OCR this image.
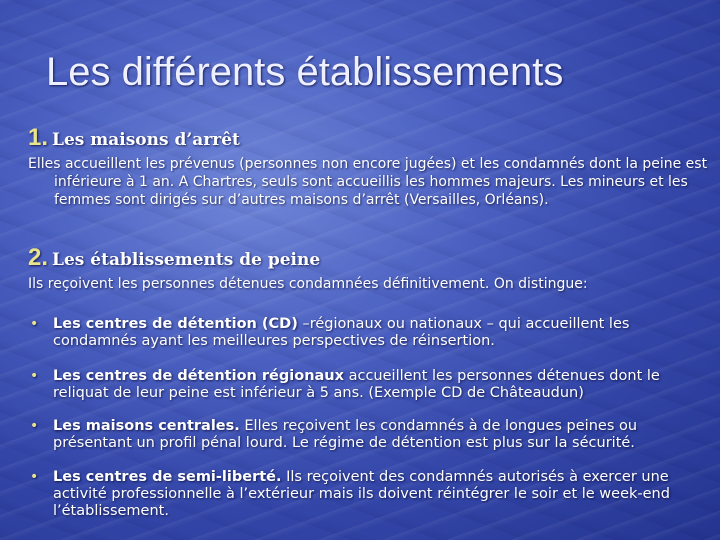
Les différents établissements
1. Les maisons d’arrêt
Elles accueillent les prévenus (personnes non encore jugées) et les condamnés dont la peine est inférieure à 1 an. A Chartres, seuls sont accueillis les hommes majeurs. Les mineurs et les femmes sont dirigés sur d’autres maisons d’arrêt (Versailles, Orléans).
2. Les établissements de peine
Ils reçoivent les personnes détenues condamnées définitivement. On distingue:
• Les centres de détention (CD) –régionaux ou nationaux – qui accueillent les condamnés ayant les meilleures perspectives de réinsertion.
• Les centres de détention régionaux accueillent les personnes détenues dont le reliquat de leur peine est inférieur à 5 ans. (Exemple CD de Châteaudun)
• Les maisons centrales. Elles reçoivent les condamnés à de longues peines ou présentant un profil pénal lourd. Le régime de détention est plus sur la sécurité.
• Les centres de semi-liberté. Ils reçoivent des condamnés autorisés à exercer une activité professionnelle à l’extérieur mais ils doivent réintégrer le soir et le week-end l’établissement.
